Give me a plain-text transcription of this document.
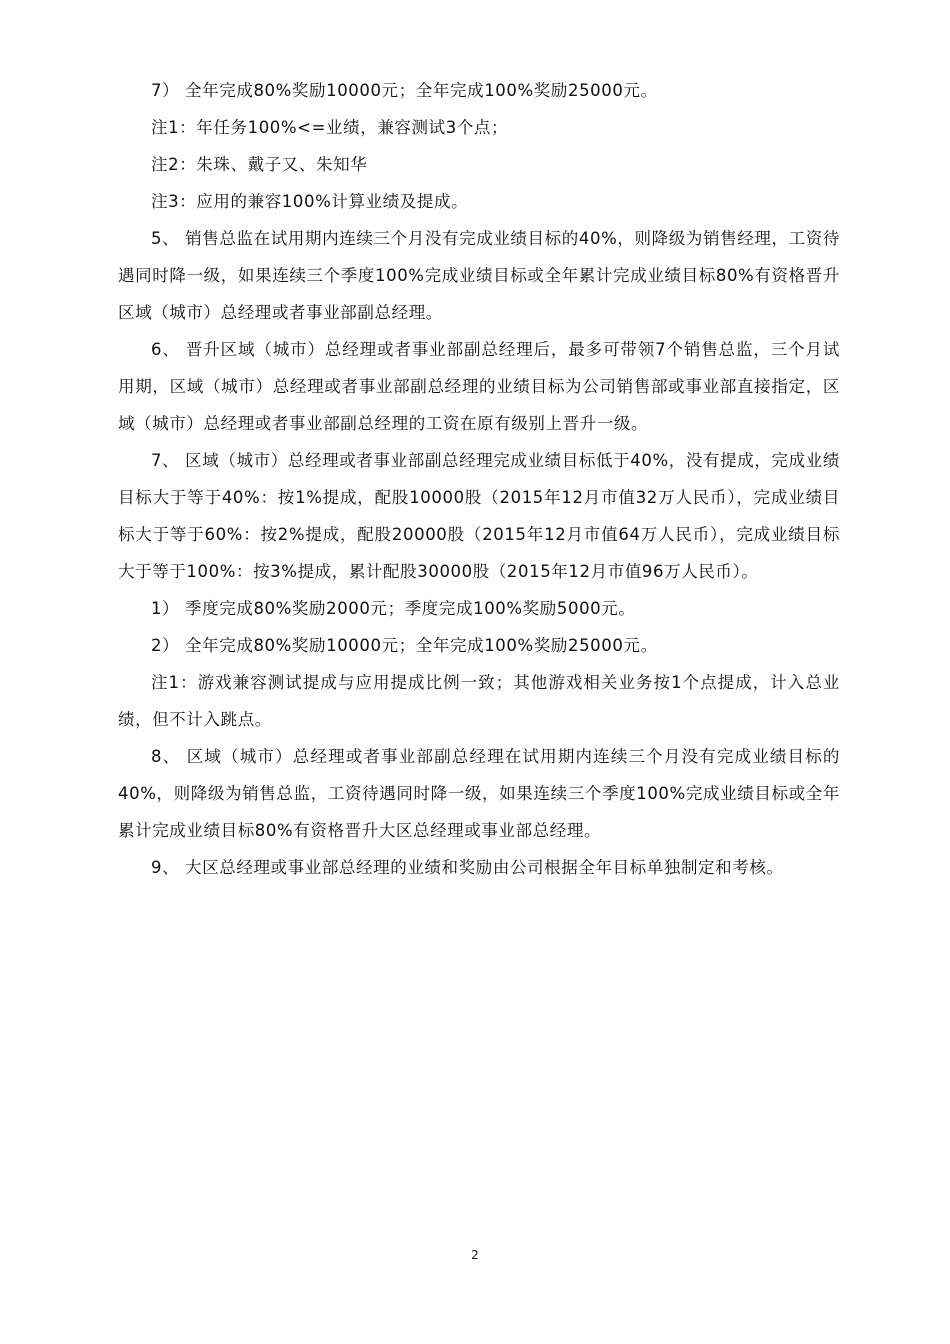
7） 全年完成80%奖励10000元；全年完成100%奖励25000元。

注1：年任务100%<=业绩，兼容测试3个点；

注2：朱珠、戴子又、朱知华

注3：应用的兼容100%计算业绩及提成。

5、 销售总监在试用期内连续三个月没有完成业绩目标的40%，则降级为销售经理，工资待遇同时降一级，如果连续三个季度100%完成业绩目标或全年累计完成业绩目标80%有资格晋升区域（城市）总经理或者事业部副总经理。

6、 晋升区域（城市）总经理或者事业部副总经理后，最多可带领7个销售总监，三个月试用期，区域（城市）总经理或者事业部副总经理的业绩目标为公司销售部或事业部直接指定，区域（城市）总经理或者事业部副总经理的工资在原有级别上晋升一级。

7、 区域（城市）总经理或者事业部副总经理完成业绩目标低于40%，没有提成，完成业绩目标大于等于40%：按1%提成，配股10000股（2015年12月市值32万人民币），完成业绩目标大于等于60%：按2%提成，配股20000股（2015年12月市值64万人民币），完成业绩目标大于等于100%：按3%提成，累计配股30000股（2015年12月市值96万人民币）。

1） 季度完成80%奖励2000元；季度完成100%奖励5000元。

2） 全年完成80%奖励10000元；全年完成100%奖励25000元。

注1：游戏兼容测试提成与应用提成比例一致；其他游戏相关业务按1个点提成，计入总业绩，但不计入跳点。

8、 区域（城市）总经理或者事业部副总经理在试用期内连续三个月没有完成业绩目标的40%，则降级为销售总监，工资待遇同时降一级，如果连续三个季度100%完成业绩目标或全年累计完成业绩目标80%有资格晋升大区总经理或事业部总经理。

9、 大区总经理或事业部总经理的业绩和奖励由公司根据全年目标单独制定和考核。

2
